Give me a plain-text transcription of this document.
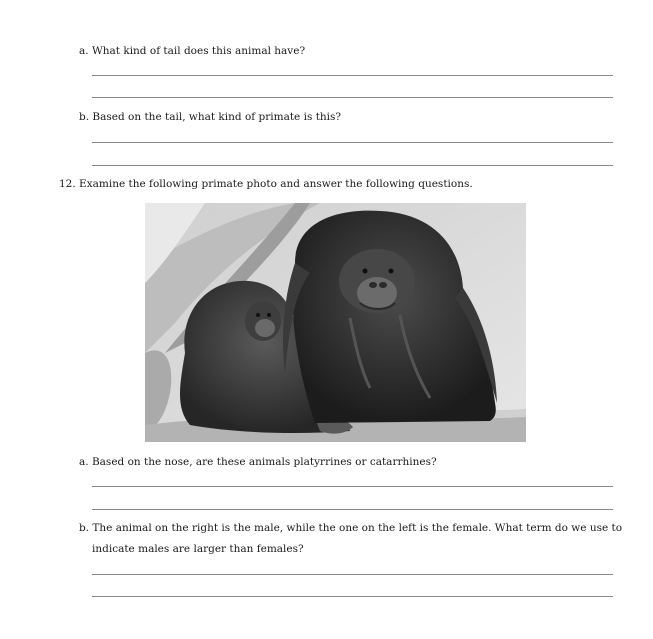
a. What kind of tail does this animal have?
b. Based on the tail, what kind of primate is this?
12. Examine the following primate photo and answer the following questions.
a. Based on the nose, are these animals platyrrines or catarrhines?
b. The animal on the right is the male, while the one on the left is the female. What term do we use to
indicate males are larger than females?
